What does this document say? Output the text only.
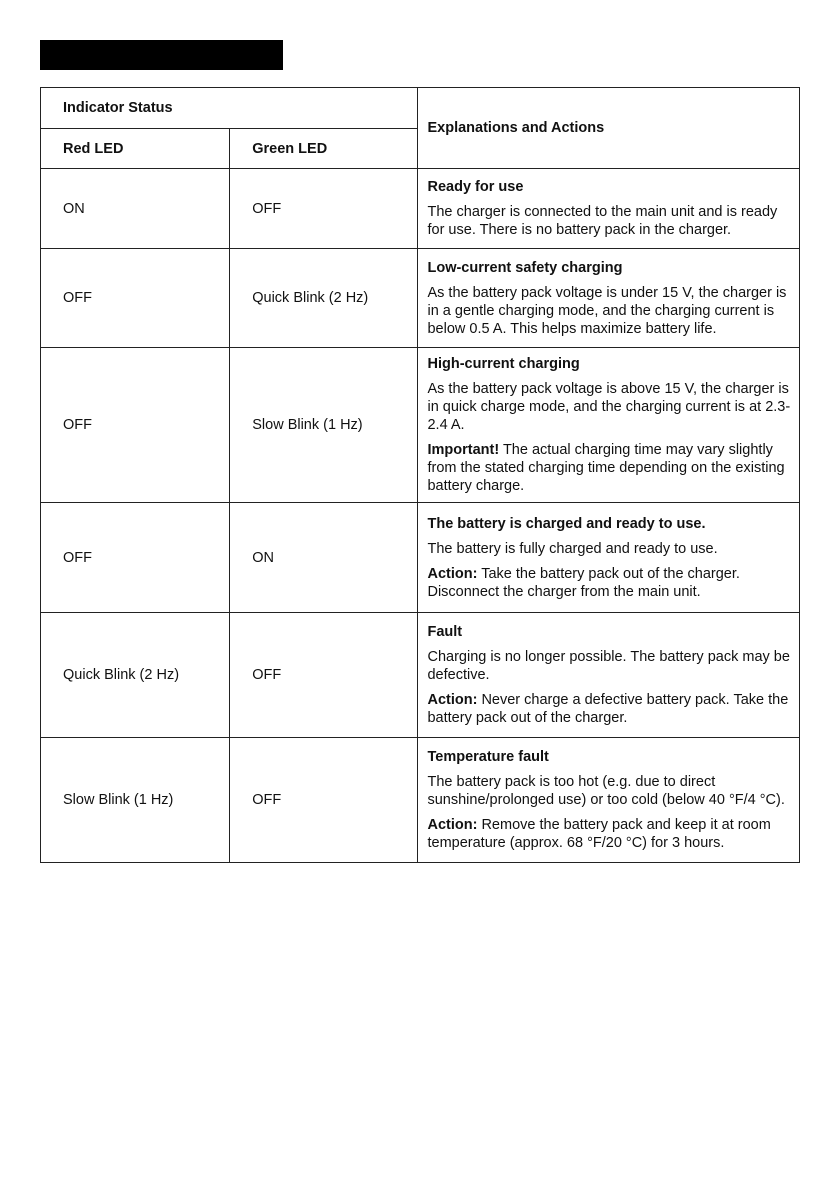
Indicator Status		Explanations and Actions
Red LED	Green LED	
ON	OFF	Ready for use
The charger is connected to the main unit and is ready for use. There is no battery pack in the charger.

OFF	Quick Blink (2 Hz)	Low-current safety charging
As the battery pack voltage is under 15 V, the charger is in a gentle charging mode, and the charging current is below 0.5 A. This helps maximize battery life.

OFF	Slow Blink (1 Hz)	High-current charging
As the battery pack voltage is above 15 V, the charger is in quick charge mode, and the charging current is at 2.3-2.4 A.
Important! The actual charging time may vary slightly from the stated charging time depending on the existing battery charge.

OFF	ON	The battery is charged and ready to use.
The battery is fully charged and ready to use.
Action: Take the battery pack out of the charger. Disconnect the charger from the main unit.

Quick Blink (2 Hz)	OFF	Fault
Charging is no longer possible. The battery pack may be defective.
Action: Never charge a defective battery pack. Take the battery pack out of the charger.

Slow Blink (1 Hz)	OFF	Temperature fault
The battery pack is too hot (e.g. due to direct sunshine/prolonged use) or too cold (below 40 °F/4 °C).
Action: Remove the battery pack and keep it at room temperature (approx. 68 °F/20 °C) for 3 hours.
